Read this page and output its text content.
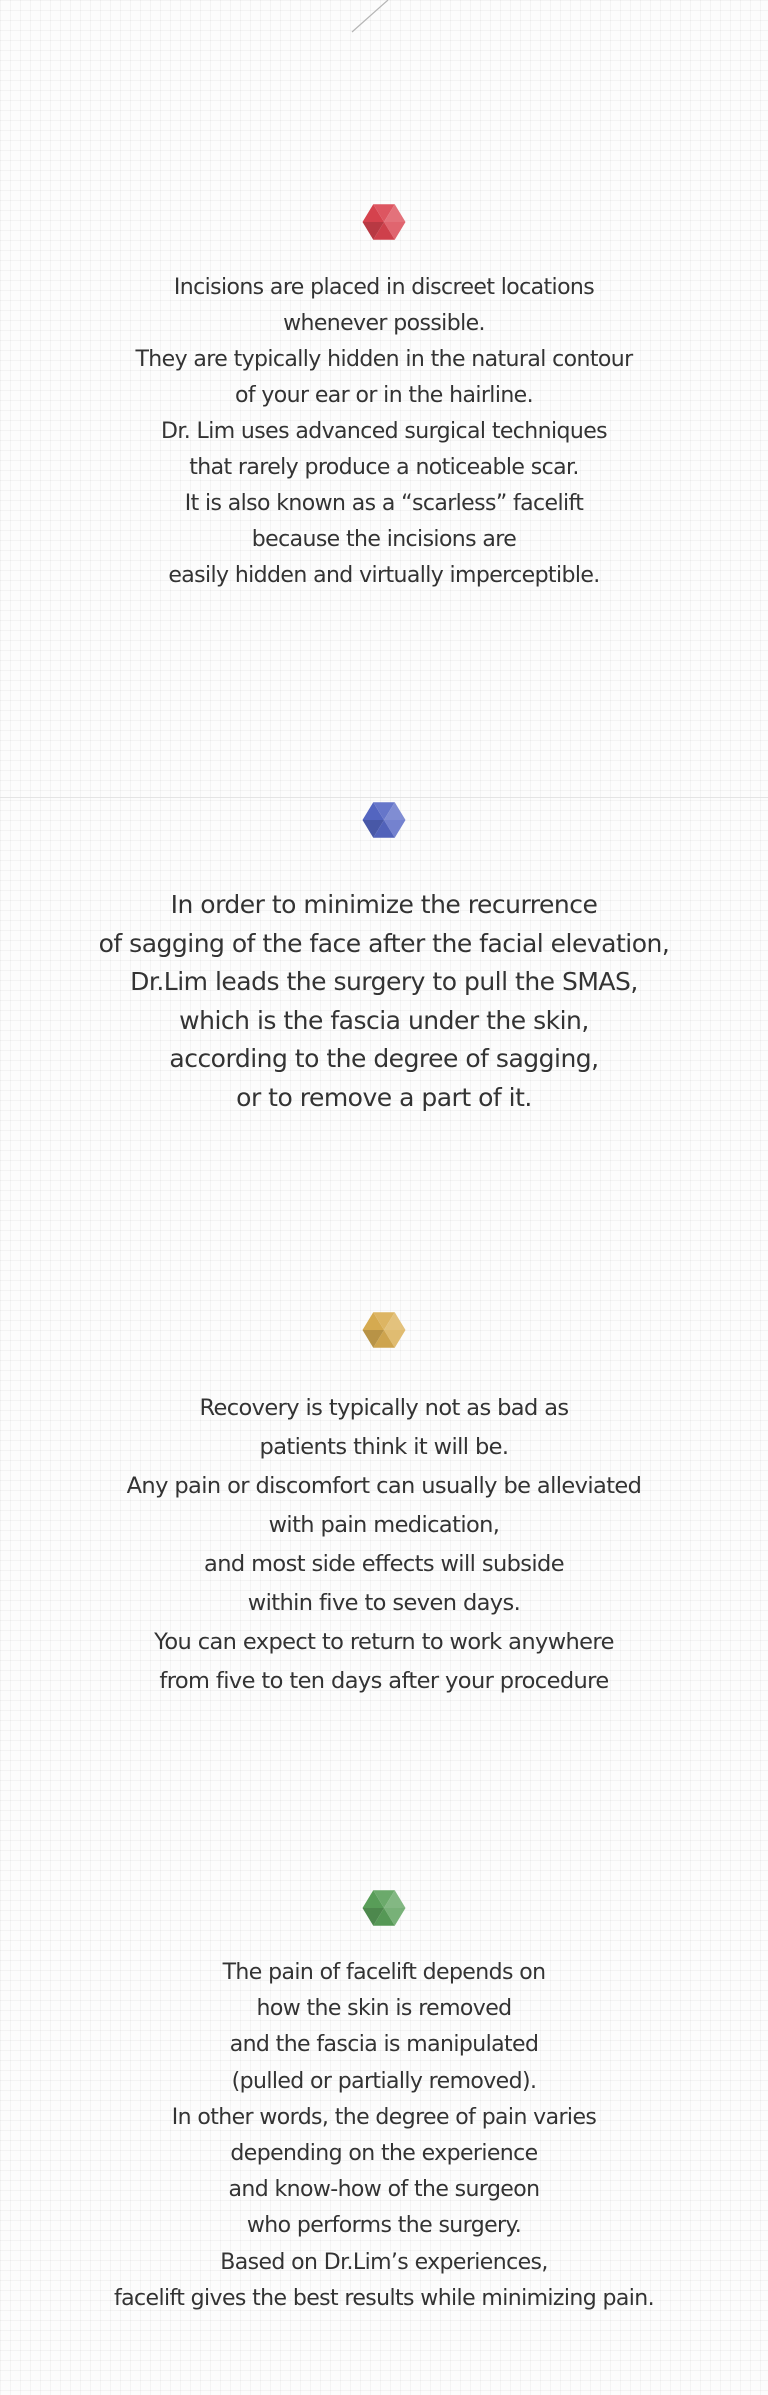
Incisions are placed in discreet locations
whenever possible.
They are typically hidden in the natural contour
of your ear or in the hairline.
Dr. Lim uses advanced surgical techniques
that rarely produce a noticeable scar.
It is also known as a “scarless” facelift
because the incisions are
easily hidden and virtually imperceptible.
In order to minimize the recurrence
of sagging of the face after the facial elevation,
Dr.Lim leads the surgery to pull the SMAS,
which is the fascia under the skin,
according to the degree of sagging,
or to remove a part of it.
Recovery is typically not as bad as
patients think it will be.
Any pain or discomfort can usually be alleviated
with pain medication,
and most side effects will subside
within five to seven days.
You can expect to return to work anywhere
from five to ten days after your procedure
The pain of facelift depends on
how the skin is removed
and the fascia is manipulated
(pulled or partially removed).
In other words, the degree of pain varies
depending on the experience
and know-how of the surgeon
who performs the surgery.
Based on Dr.Lim’s experiences,
facelift gives the best results while minimizing pain.
